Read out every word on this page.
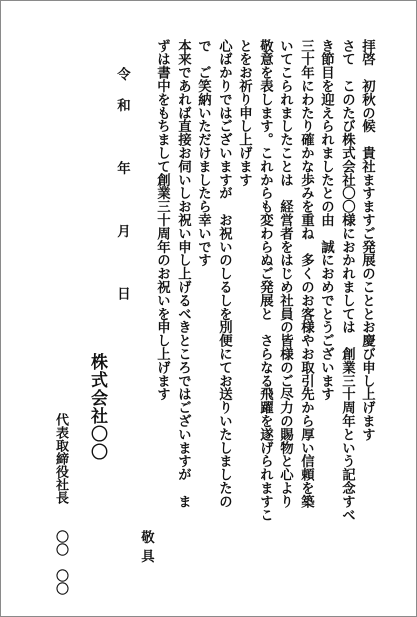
拝啓　初秋の候　貴社ますますご発展のこととお慶び申し上げます
さて　このたび株式会社〇〇様におかれましては　創業三十周年という記念すべ
き節目を迎えられましたとの由　誠におめでとうございます
三十年にわたり確かな歩みを重ね　多くのお客様やお取引先から厚い信頼を築
いてこられましたことは　経営者をはじめ社員の皆様のご尽力の賜物と心より
敬意を表します。これからも変わらぬご発展と　さらなる飛躍を遂げられますこ
とをお祈り申し上げます
心ばかりではございますが　お祝いのしるしを別便にてお送りいたしましたの
で　ご笑納いただけましたら幸いです
本来であれば直接お伺いしお祝い申し上げるべきところではございますが　ま
ずは書中をもちまして創業三十周年のお祝いを申し上げます
敬具
令和　年　月　日
株式会社〇〇
代表取締役社長　　〇〇　〇〇
